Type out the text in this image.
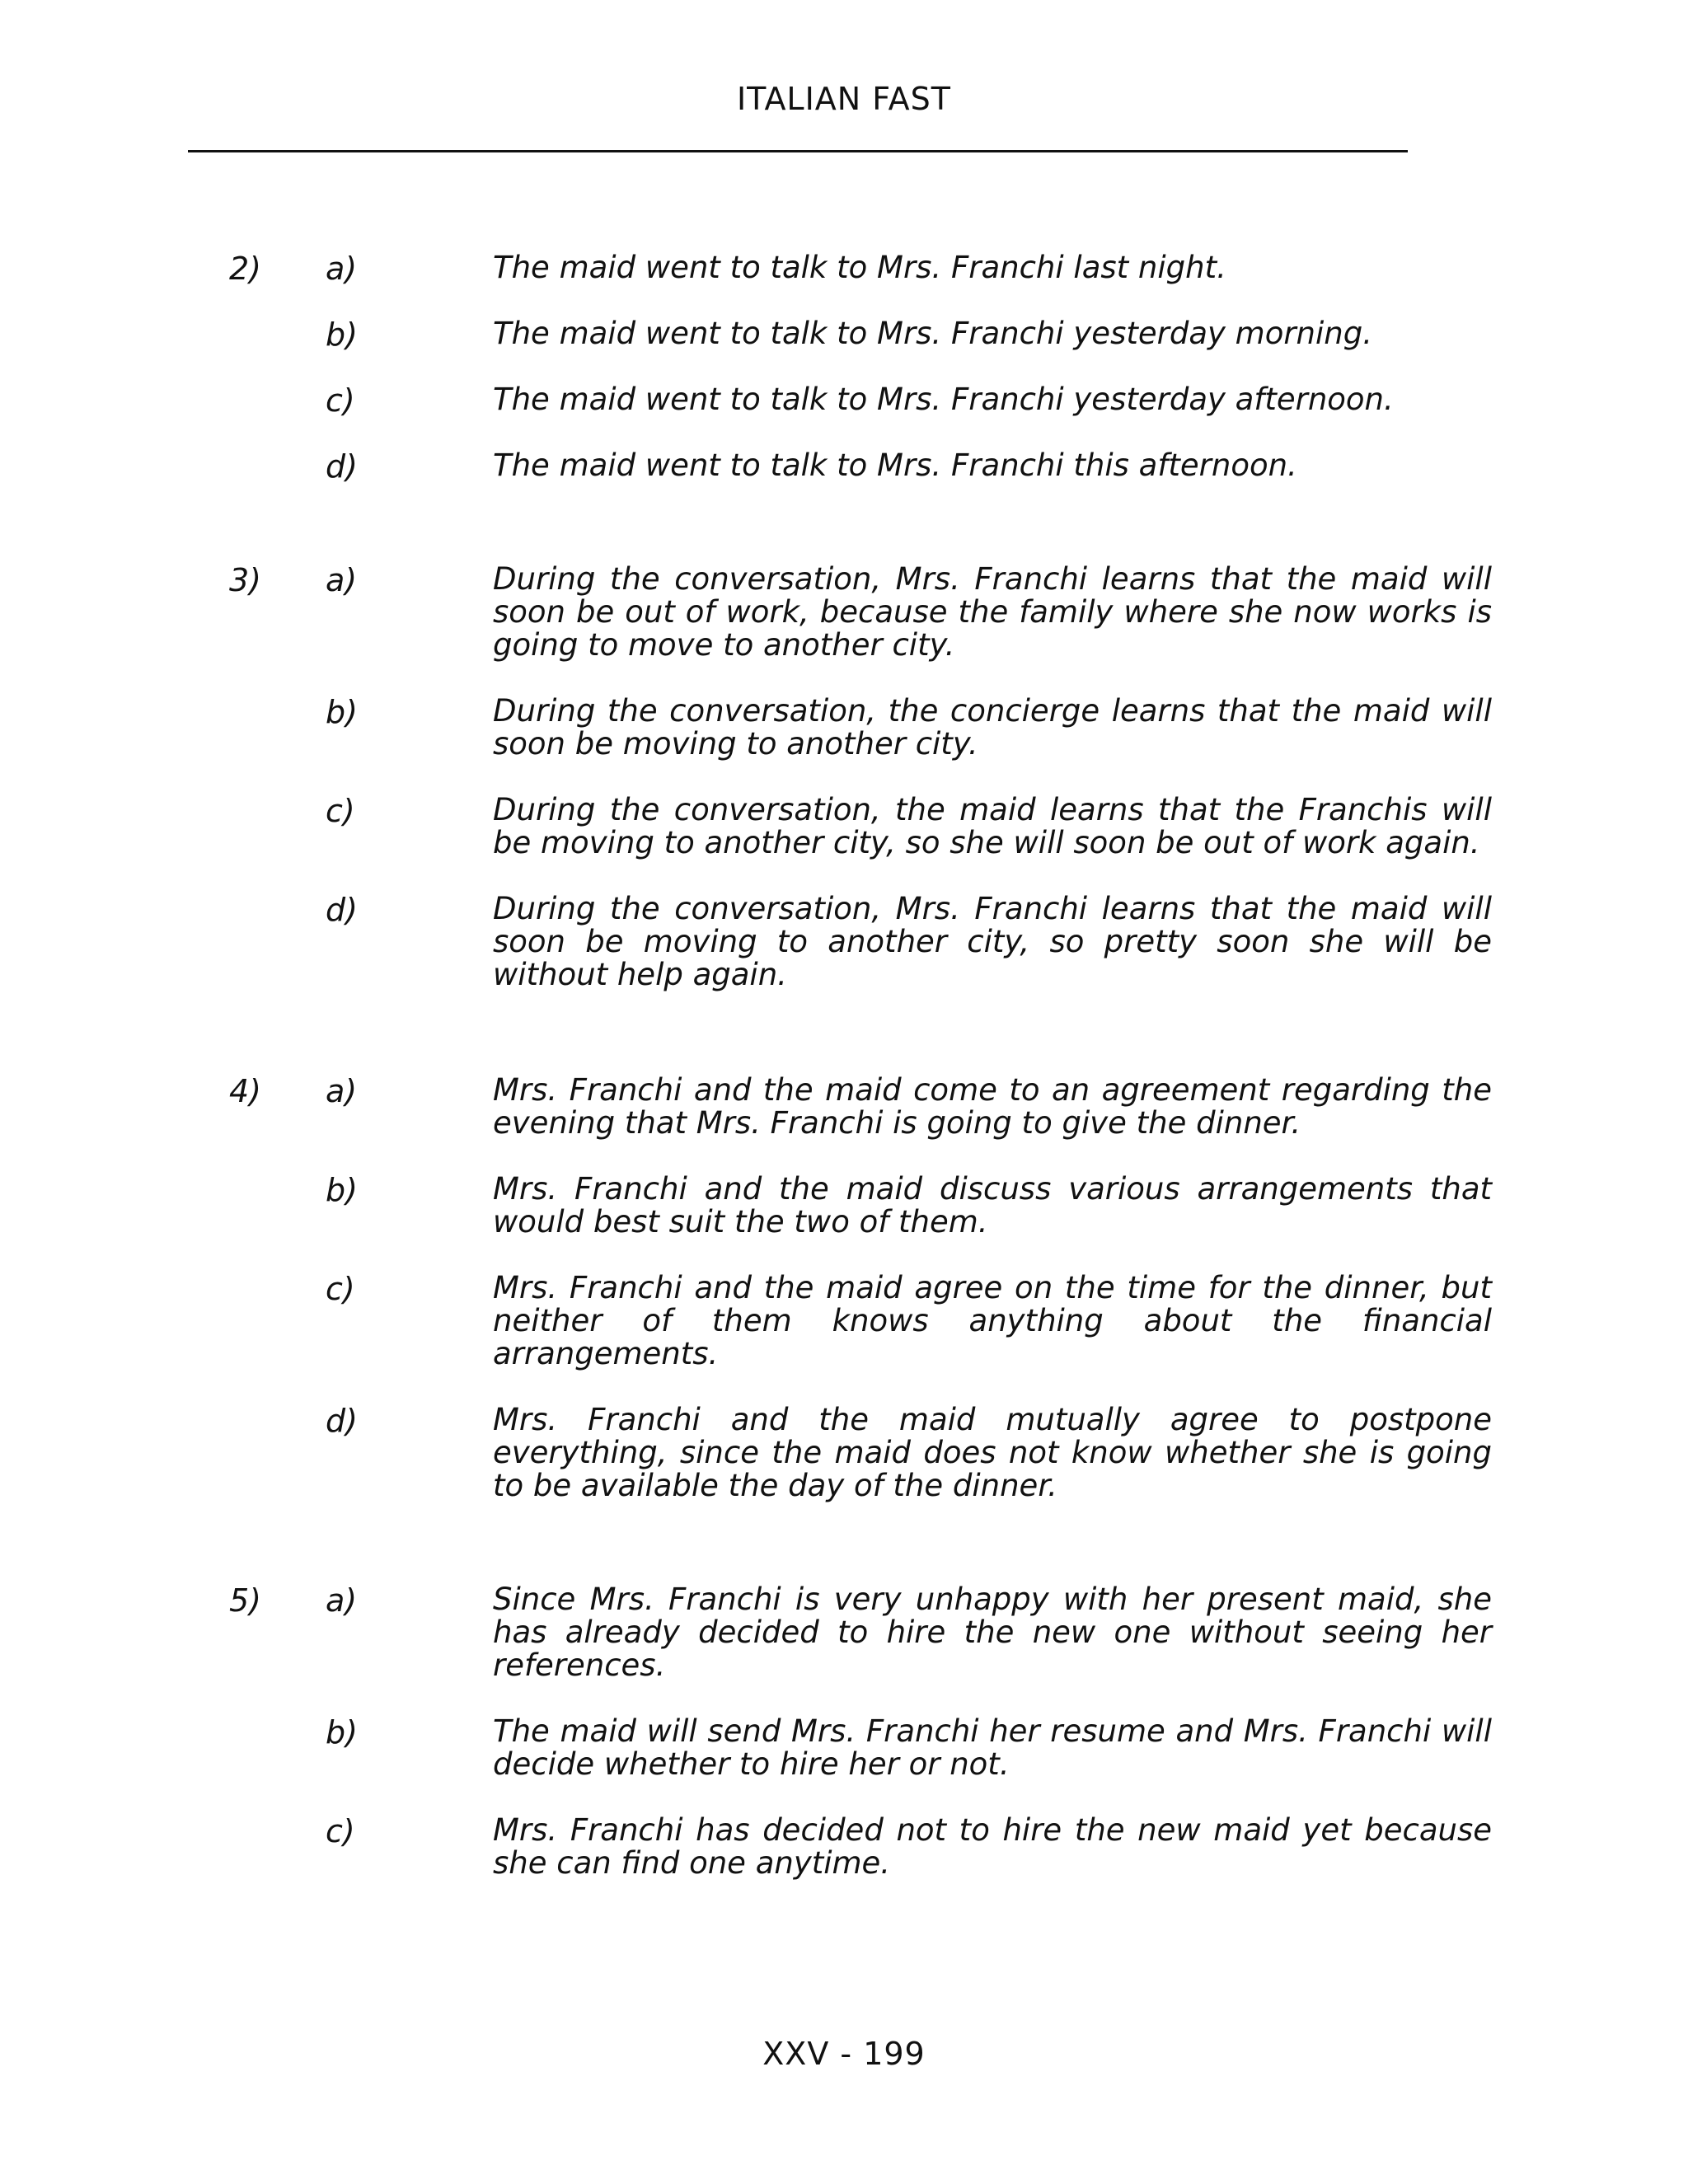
ITALIAN FAST
2) a)	The maid went to talk to Mrs. Franchi last night.
b)	The maid went to talk to Mrs. Franchi yesterday morning.
c)	The maid went to talk to Mrs. Franchi yesterday afternoon.
d)	The maid went to talk to Mrs. Franchi this afternoon.
3) a)	During the conversation, Mrs. Franchi learns that the maid will soon be out of work, because the family where she now works is going to move to another city.
b)	During the conversation, the concierge learns that the maid will soon be moving to another city.
c)	During the conversation, the maid learns that the Franchis will be moving to another city, so she will soon be out of work again.
d)	During the conversation, Mrs. Franchi learns that the maid will soon be moving to another city, so pretty soon she will be without help again.
4) a)	Mrs. Franchi and the maid come to an agreement regarding the evening that Mrs. Franchi is going to give the dinner.
b)	Mrs. Franchi and the maid discuss various arrangements that would best suit the two of them.
c)	Mrs. Franchi and the maid agree on the time for the dinner, but neither of them knows anything about the financial arrangements.
d)	Mrs. Franchi and the maid mutually agree to postpone everything, since the maid does not know whether she is going to be available the day of the dinner.
5) a)	Since Mrs. Franchi is very unhappy with her present maid, she has already decided to hire the new one without seeing her references.
b)	The maid will send Mrs. Franchi her resume and Mrs. Franchi will decide whether to hire her or not.
c)	Mrs. Franchi has decided not to hire the new maid yet because she can find one anytime.
XXV - 199
